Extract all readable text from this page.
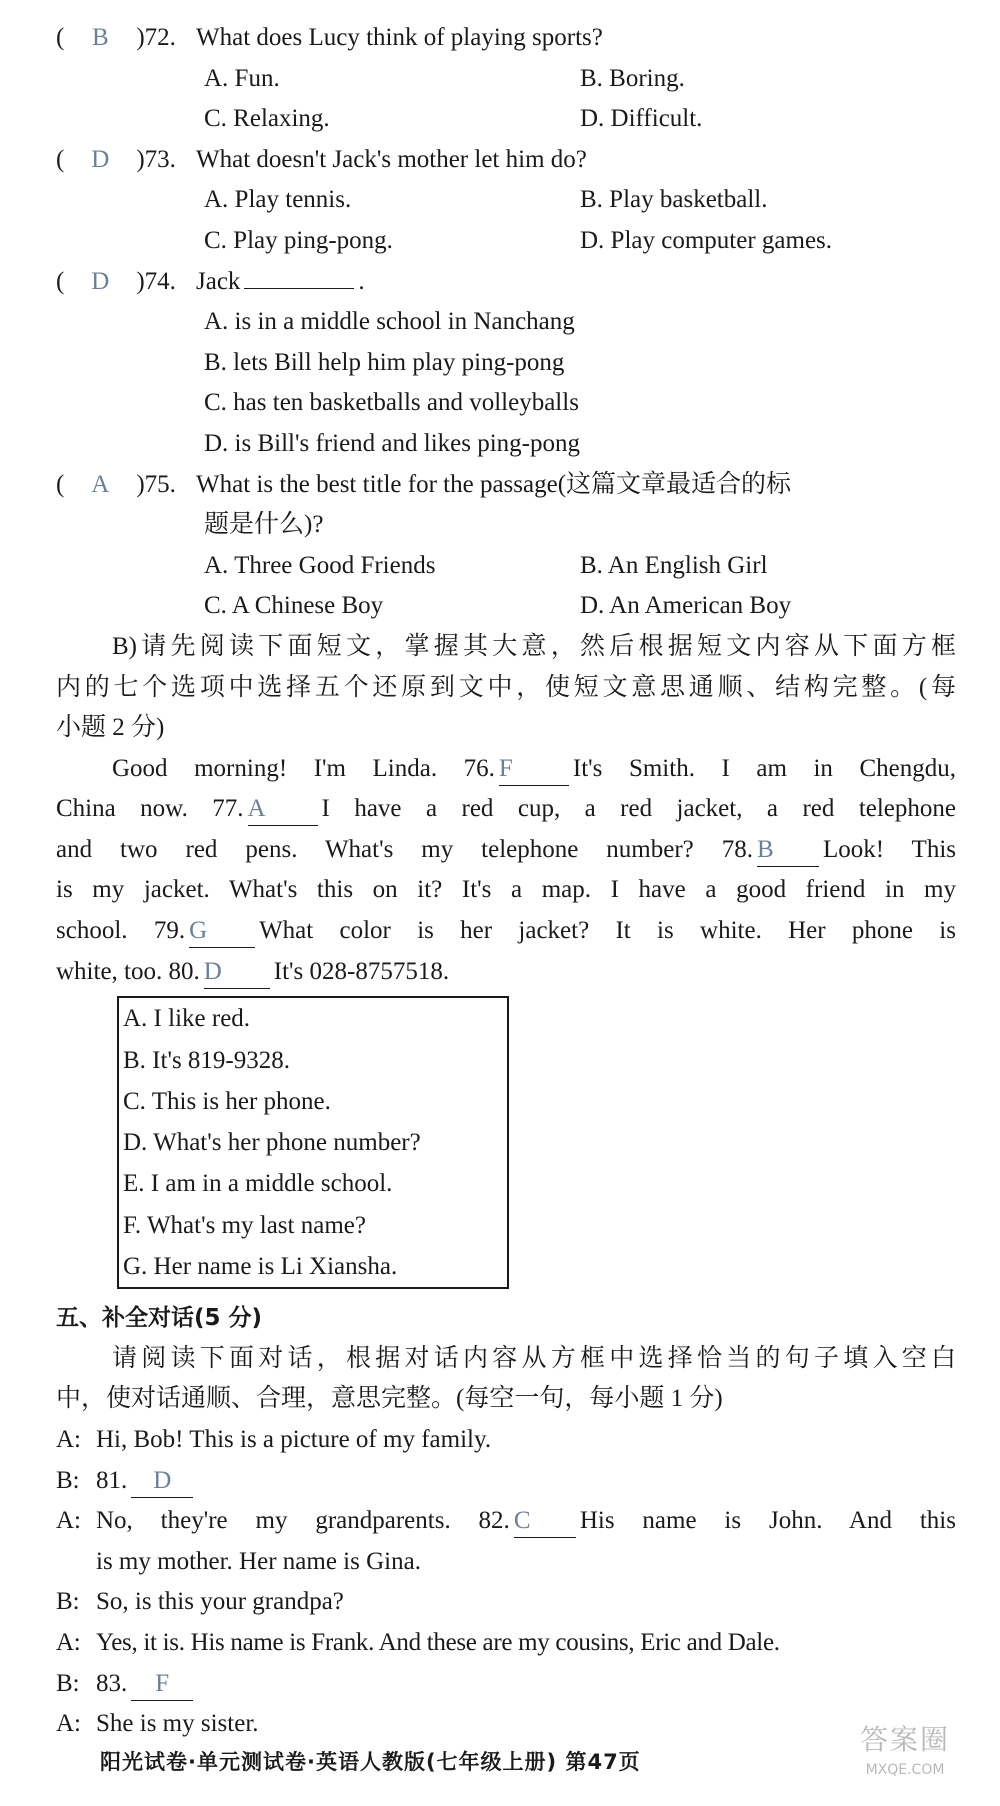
( B )72. What does Lucy think of playing sports?
A. Fun.	B. Boring.
C. Relaxing.	D. Difficult.
( D )73. What doesn't Jack's mother let him do?
A. Play tennis.	B. Play basketball.
C. Play ping-pong.	D. Play computer games.
( D )74. Jack	.
A. is in a middle school in Nanchang
B. lets Bill help him play ping-pong
C. has ten basketballs and volleyballs
D. is Bill's friend and likes ping-pong
( A )75. What is the best title for the passage(这篇文章最适合的标
题是什么)?
A. Three Good Friends	B. An English Girl
C. A Chinese Boy	D. An American Boy
B)请先阅读下面短文，掌握其大意，然后根据短文内容从下面方框
内的七个选项中选择五个还原到文中，使短文意思通顺、结构完整。(每
小题 2 分)
Good morning! I'm Linda. 76. F It's Smith. I am in Chengdu,
China now. 77. A I have a red cup, a red jacket, a red telephone
and two red pens. What's my telephone number? 78. B Look! This
is my jacket. What's this on it? It's a map. I have a good friend in my
school. 79. G What color is her jacket? It is white. Her phone is
white, too. 80. D It's 028-8757518.
A. I like red.
B. It's 819-9328.
C. This is her phone.
D. What's her phone number?
E. I am in a middle school.
F. What's my last name?
G. Her name is Li Xiansha.
五、补全对话(5 分)
请阅读下面对话，根据对话内容从方框中选择恰当的句子填入空白
中，使对话通顺、合理，意思完整。(每空一句，每小题 1 分)
A: Hi, Bob! This is a picture of my family.
B: 81. D
A: No, they're my grandparents. 82. C His name is John. And this
is my mother. Her name is Gina.
B: So, is this your grandpa?
A: Yes, it is. His name is Frank. And these are my cousins, Eric and Dale.
B: 83. F
A: She is my sister.
阳光试卷·单元测试卷·英语人教版(七年级上册) 第47页
答案圈
MXQE.COM
